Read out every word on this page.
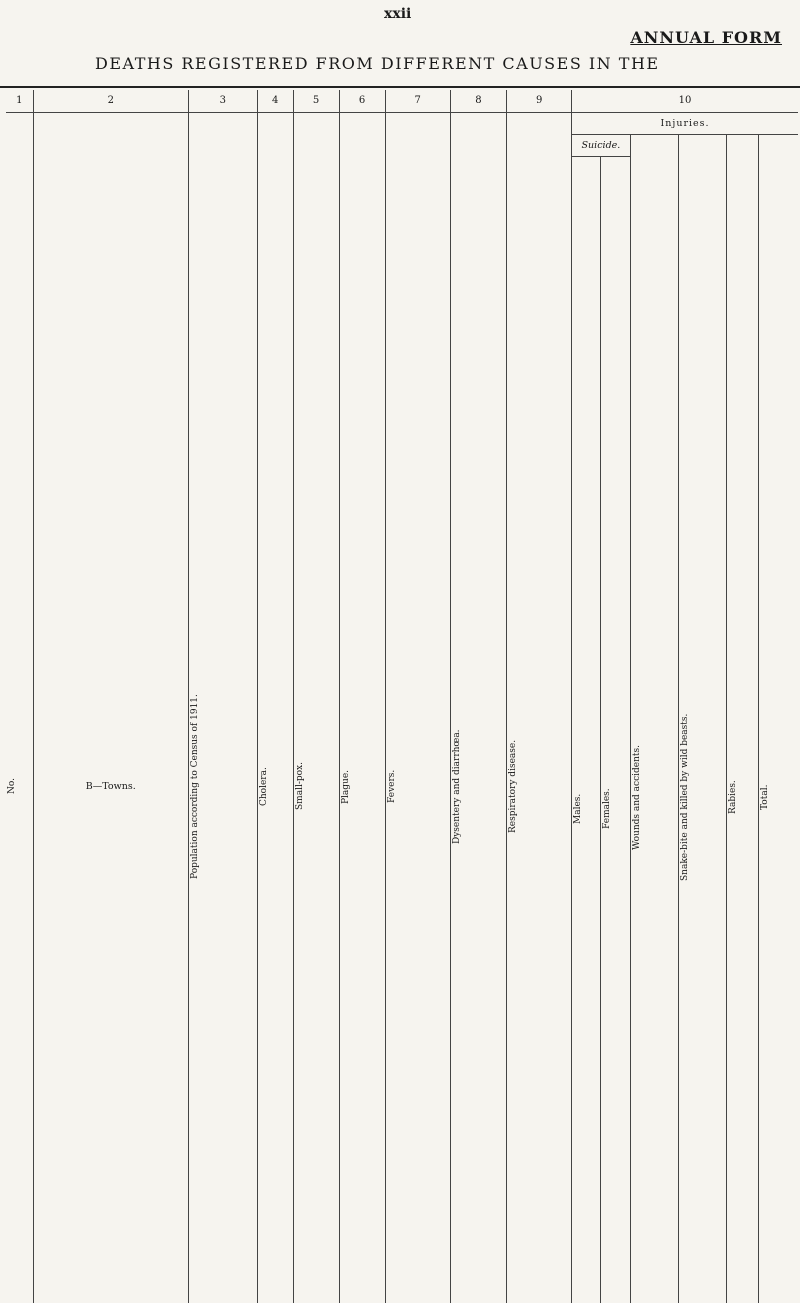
xxii
ANNUAL FORM
DEATHS REGISTERED FROM DIFFERENT CAUSES IN THE
1	2	3	4	5	6	7	8	9	10					

No.	B—Towns.	Population according to Census of 1911.	Cholera.	Small-pox.	Plague.	Fevers.	Dysentery and diarrhœa.	Respiratory disease.	Injuries.					
									Suicide.		Wounds and accidents.	Snake-bite and killed by wild beasts.	Rabies.	Total.

									Males.	Females.				
